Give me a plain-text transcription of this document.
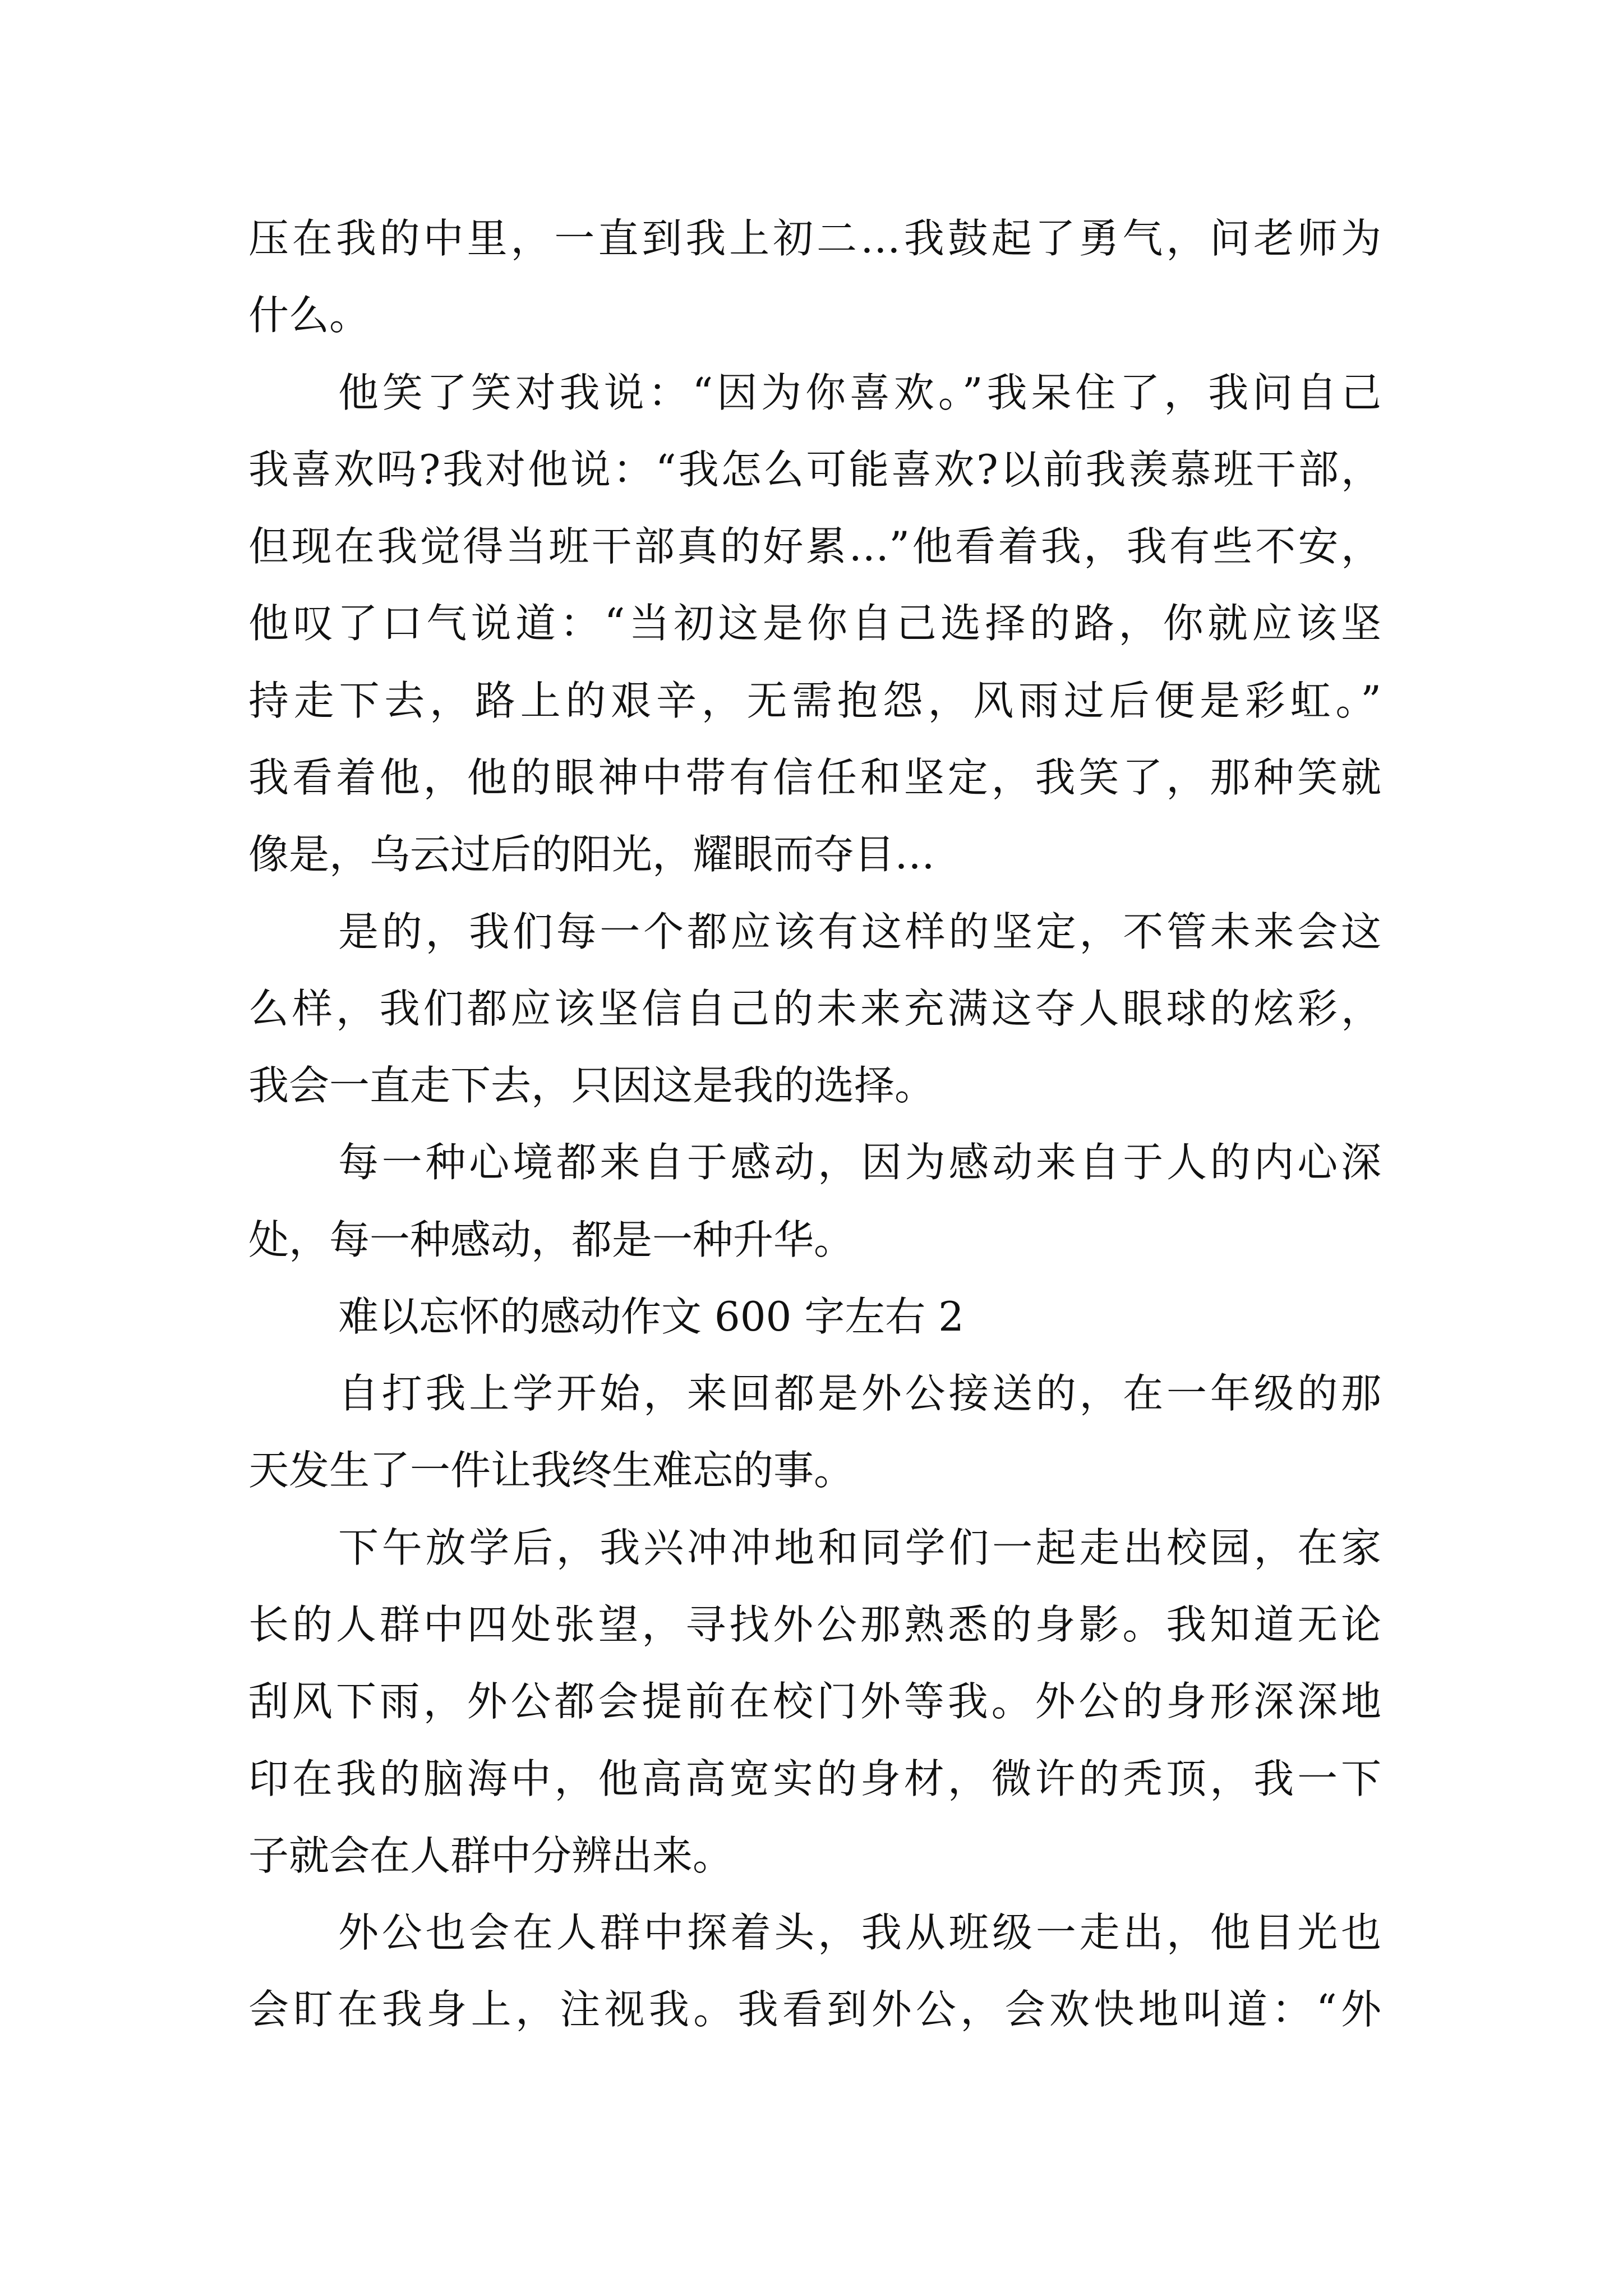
压在我的中里，一直到我上初二…我鼓起了勇气，问老师为
什么。
他笑了笑对我说：“因为你喜欢。”我呆住了，我问自己
我喜欢吗?我对他说：“我怎么可能喜欢?以前我羡慕班干部，
但现在我觉得当班干部真的好累…”他看着我，我有些不安，
他叹了口气说道：“当初这是你自己选择的路，你就应该坚
持走下去，路上的艰辛，无需抱怨，风雨过后便是彩虹。”
我看着他，他的眼神中带有信任和坚定，我笑了，那种笑就
像是，乌云过后的阳光，耀眼而夺目…
是的，我们每一个都应该有这样的坚定，不管未来会这
么样，我们都应该坚信自己的未来充满这夺人眼球的炫彩，
我会一直走下去，只因这是我的选择。
每一种心境都来自于感动，因为感动来自于人的内心深
处，每一种感动，都是一种升华。
难以忘怀的感动作文 600 字左右 2
自打我上学开始，来回都是外公接送的，在一年级的那
天发生了一件让我终生难忘的事。
下午放学后，我兴冲冲地和同学们一起走出校园，在家
长的人群中四处张望，寻找外公那熟悉的身影。我知道无论
刮风下雨，外公都会提前在校门外等我。外公的身形深深地
印在我的脑海中，他高高宽实的身材，微许的秃顶，我一下
子就会在人群中分辨出来。
外公也会在人群中探着头，我从班级一走出，他目光也
会盯在我身上，注视我。我看到外公，会欢快地叫道：“外
